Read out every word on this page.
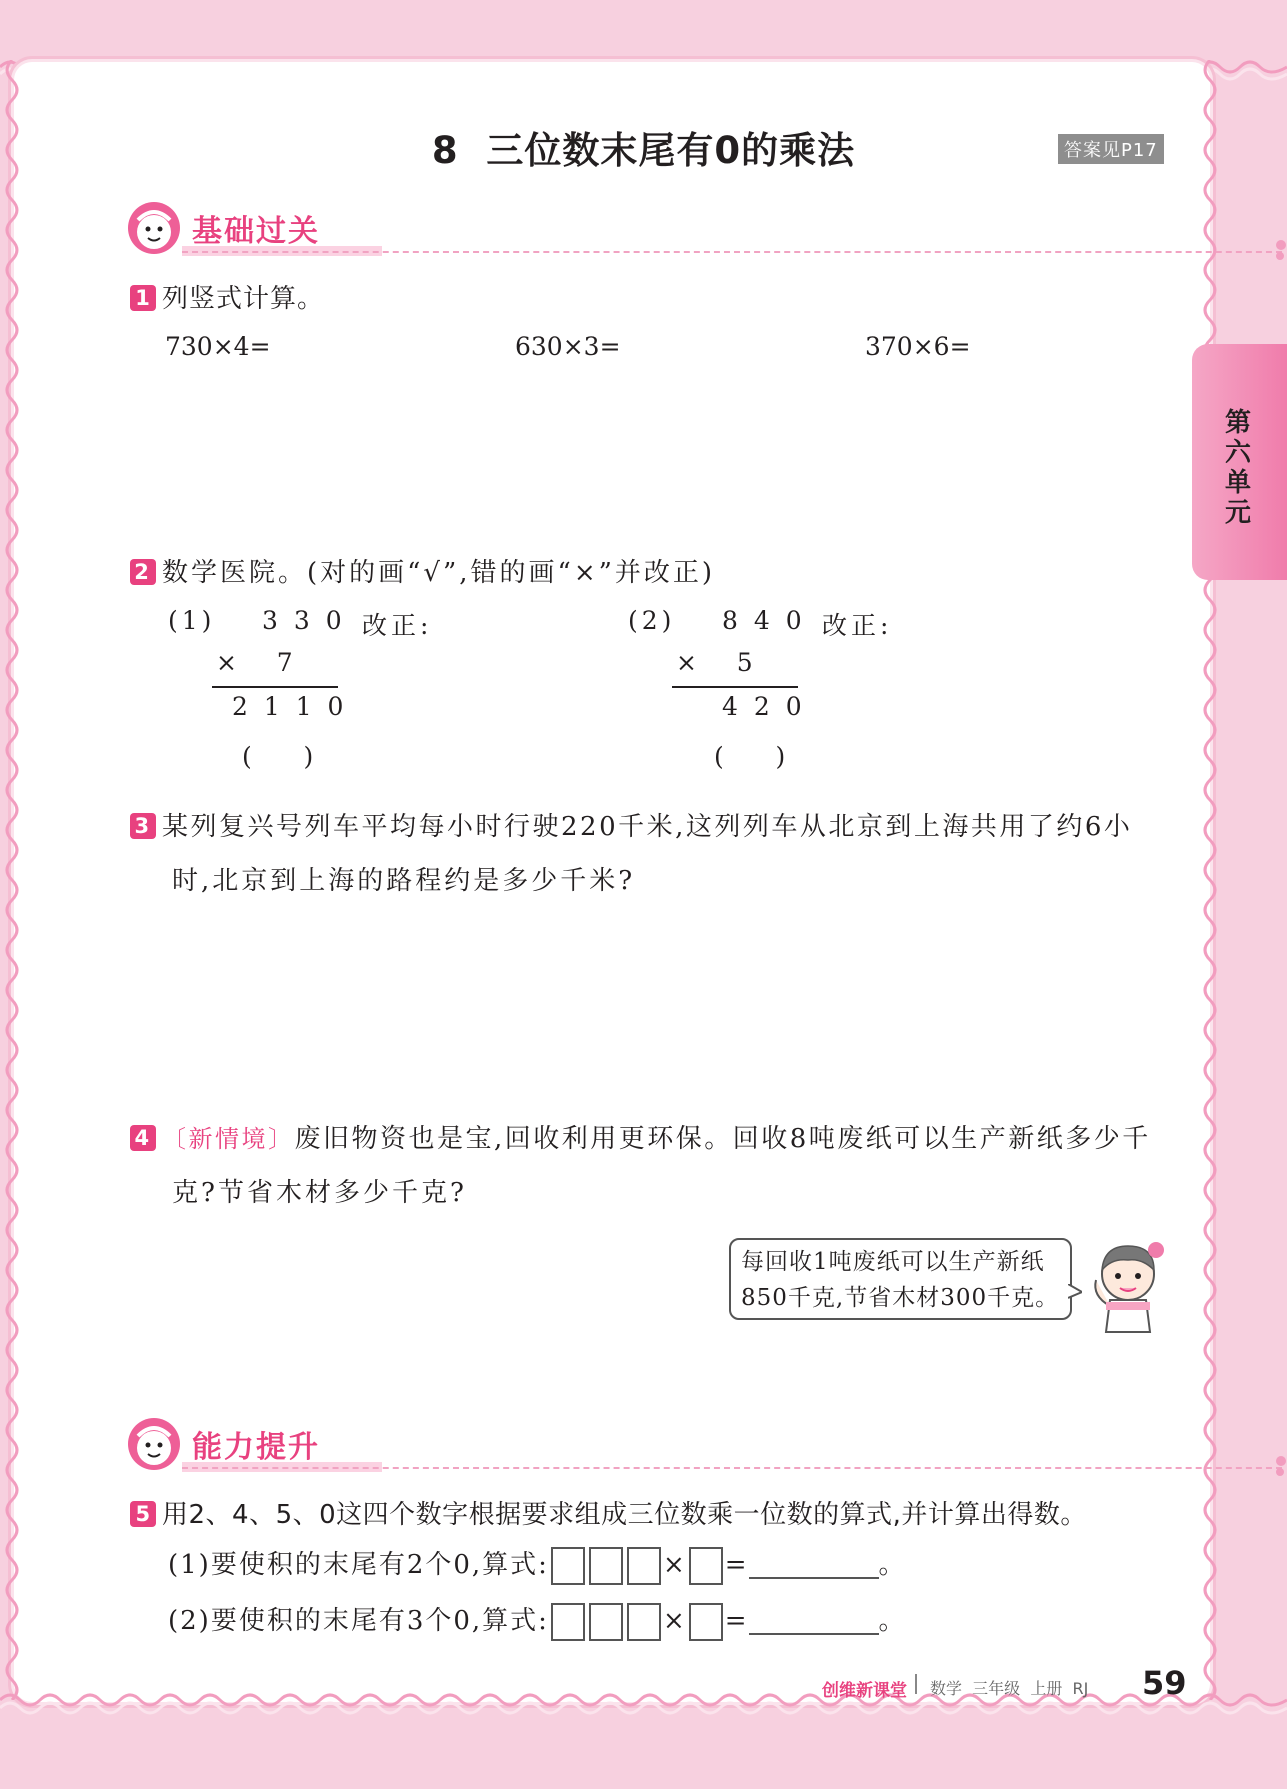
8  三位数末尾有0的乘法	答案见P17
第六单元
基础过关
1 列竖式计算。
730×4=	630×3=	370×6=
2 数学医院。(对的画“√”,错的画“×”并改正)
(1) 3 3 0 改正:
×   7
2 1 1 0
(    )
(2) 8 4 0 改正:
×   5
4 2 0
(    )
3 某列复兴号列车平均每小时行驶220千米,这列列车从北京到上海共用了约6小
时,北京到上海的路程约是多少千米?
4 〔新情境〕废旧物资也是宝,回收利用更环保。回收8吨废纸可以生产新纸多少千
克?节省木材多少千克?
每回收1吨废纸可以生产新纸
850千克,节省木材300千克。
能力提升
5 用2、4、5、0这四个数字根据要求组成三位数乘一位数的算式,并计算出得数。
(1)要使积的末尾有2个0,算式:	× =	。
(2)要使积的末尾有3个0,算式:	× =	。
创维新课堂 数学  三年级  上册  RJ 59
